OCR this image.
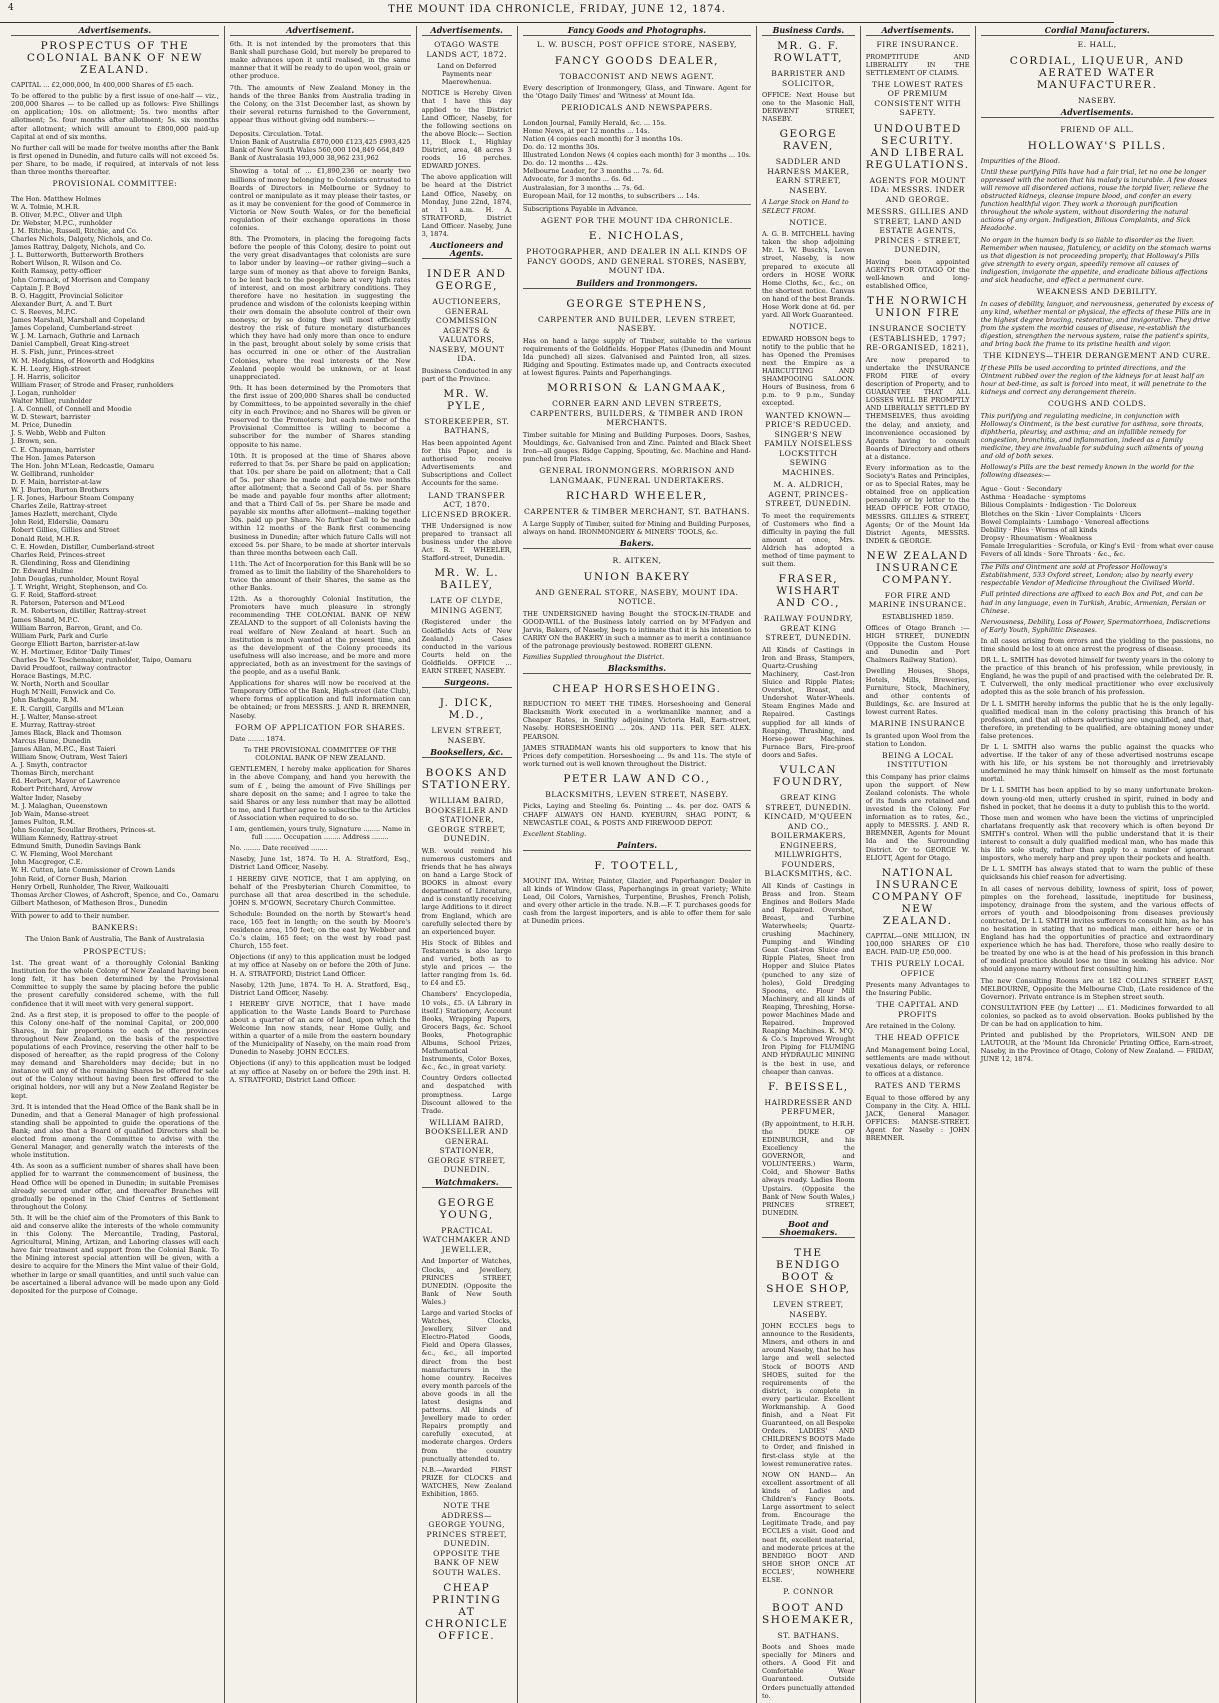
4	THE MOUNT IDA CHRONICLE, FRIDAY, JUNE 12, 1874.
Advertisements.
PROSPECTUS OF THE COLONIAL BANK OF NEW ZEALAND.
CAPITAL ... £2,000,000, In 400,000 Shares of £5 each.
To be offered to the public by a first issue of one-half — viz., 200,000 Shares — to be called up as follows: Five Shillings on application; 10s. on allotment; 5s. two months after allotment; 5s. four months after allotment; 5s. six months after allotment; which will amount to £800,000 paid-up Capital at end of six months.
No further call will be made for twelve months after the Bank is first opened in Dunedin, and future calls will not exceed 5s. per Share, to be made, if required, at intervals of not less than three months thereafter.
PROVISIONAL COMMITTEE:
The Hon. Matthew Holmes
W. A. Tolmie, M.H.R.
B. Oliver, M.P.C., Oliver and Ulph
Dr. Webster, M.P.C., runholder
J. M. Ritchie, Russell, Ritchie, and Co.
Charles Nichols, Dalgety, Nichols, and Co.
James Rattray, Dalgety, Nichols, and Co.
J. L. Butterworth, Butterworth Brothers
Robert Wilson, R. Wilson and Co.
Keith Ramsay, petty-officer
John Cormack, of Morrison and Company
Captain J. P. Boyd
B. O. Haggitt, Provincial Solicitor
Alexander Burt, A. and T. Burt
C. S. Reeves, M.P.C.
James Marshall, Marshall and Copeland
James Copeland, Cumberland-street
W. J. M. Larnach, Guthrie and Larnach
Daniel Campbell, Great King-street
H. S. Fish, junr., Princes-street
W. M. Hodgkins, of Howorth and Hodgkins
K. H. Leary, High-street
J. H. Harris, solicitor
William Fraser, of Strode and Fraser, runholders
J. Logan, runholder
Walter Miller, runholder
J. A. Connell, of Connell and Moodie
W. D. Stewart, barrister
M. Price, Dunedin
J. S. Webb, Webb and Fulton
J. Brown, sen.
C. E. Chapman, barrister
The Hon. James Paterson
The Hon. John M'Lean, Redcastle, Oamaru
W. Gellibrand, runholder
D. F. Main, barrister-at-law
W. J. Burton, Burton Brothers
J. R. Jones, Harbour Steam Company
Charles Zeile, Rattray-street
James Hazlett, merchant, Clyde
John Reid, Elderslie, Oamaru
Robert Gillies, Gillies and Street
Donald Reid, M.H.R.
C. E. Howden, Distiller, Cumberland-street
Charles Reid, Princes-street
R. Glendining, Ross and Glendining
Dr. Edward Hulme
John Douglas, runholder, Mount Royal
J. T. Wright, Wright, Stephenson, and Co.
G. F. Reid, Stafford-street
R. Paterson, Paterson and M'Leod
R. M. Robertson, distiller, Rattray-street
James Shand, M.P.C.
William Barron, Barron, Grant, and Co.
William Park, Park and Curle
George Elliott Barton, barrister-at-law
W. H. Mortimer, Editor 'Daily Times'
Charles De V. Teschemaker, runholder, Taipo, Oamaru
David Proudfoot, railway contractor
Horace Bastings, M.P.C.
W. North, North and Scoullar
Hugh M'Neill, Fenwick and Co.
John Bathgate, R.M.
E. R. Cargill, Cargills and M'Lean
H. J. Walter, Manse-street
E. Murray, Rattray-street
James Black, Black and Thomson
Marcus Hume, Dunedin
James Allan, M.P.C., East Taieri
William Snow, Outram, West Taieri
A. J. Smyth, contractor
Thomas Birch, merchant
Ed. Herbert, Mayor of Lawrence
Robert Pritchard, Arrow
Walter Inder, Naseby
M. J. Malaghan, Queenstown
Job Wain, Manse-street
James Fulton, R.M.
John Scoular, Scoullar Brothers, Princes-st.
William Kennedy, Rattray-street
Edmund Smith, Dunedin Savings Bank
C. W. Fleming, Wool Merchant
John Macgregor, C.E.
W. H. Cutten, late Commissioner of Crown Lands
John Reid, of Corner Bush, Marion
Henry Orbell, Runholder, The River, Waikouaiti
Thomas Archer Clowes, of Ashcroft, Spence, and Co., Oamaru
Gilbert Matheson, of Matheson Bros., Dunedin
With power to add to their number.
BANKERS:
The Union Bank of Australia, The Bank of Australasia
PROSPECTUS:
1st. The great want of a thoroughly Colonial Banking Institution for the whole Colony of New Zealand having been long felt, it has been determined by the Provisional Committee to supply the same by placing before the public the present carefully considered scheme, with the full confidence that it will meet with very general support.
2nd. As a first step, it is proposed to offer to the people of this Colony one-half of the nominal Capital, or 200,000 Shares, in fair proportions to each of the provinces throughout New Zealand, on the basis of the respective populations of each Province, reserving the other half to be disposed of hereafter, as the rapid progress of the Colony may demand and Shareholders may decide; but in no instance will any of the remaining Shares be offered for sale out of the Colony without having been first offered to the original holders, nor will any but a New Zealand Register be kept.
3rd. It is intended that the Head Office of the Bank shall be in Dunedin, and that a General Manager of high professional standing shall be appointed to guide the operations of the Bank; and also that a Board of qualified Directors shall be elected from among the Committee to advise with the General Manager, and generally watch the interests of the whole institution.
4th. As soon as a sufficient number of shares shall have been applied for to warrant the commencement of business, the Head Office will be opened in Dunedin; in suitable Premises already secured under offer, and thereafter Branches will gradually be opened in the Chief Centres of Settlement throughout the Colony.
5th. It will be the chief aim of the Promoters of this Bank to aid and conserve alike the interests of the whole community in this Colony. The Mercantile, Trading, Pastoral, Agricultural, Mining, Artizan, and Laboring classes will each have fair treatment and support from the Colonial Bank. To the Mining interest special attention will be given, with a desire to acquire for the Miners the Mint value of their Gold, whether in large or small quantities, and until such value can be ascertained a liberal advance will be made upon any Gold deposited for the purpose of Coinage.
Advertisement.
6th. It is not intended by the promoters that this Bank shall purchase Gold, but merely be prepared to make advances upon it until realised, in the same manner that it will be ready to do upon wool, grain or other produce.
7th. The amounts of New Zealand Money in the hands of the three Banks from Australia trading in the Colony, on the 31st December last, as shown by their several returns furnished to the Government, appear thus without giving odd numbers:—
Deposits. Circulation. Total.
Union Bank of Australia £870,000 £123,425 £993,425
Bank of New South Wales 560,000 104,849 664,849
Bank of Australasia 193,000 38,962 231,962
Showing a total of ... £1,890,236 or nearly two millions of money belonging to Colonists entrusted to Boards of Directors in Melbourne or Sydney to control or manipulate as it may please their tastes, or as it may be convenient for the good of Commerce in Victoria or New South Wales, or for the beneficial regulation of their exchange operations in those colonies.
8th. The Promoters, in placing the foregoing facts before the people of this Colony, desire to point out the very great disadvantages that colonists are sure to labor under by leaving—or rather giving—such a large sum of money as that above to foreign Banks, to be lent back to the people here at very high rates of interest, and on most arbitrary conditions. They therefore have no hesitation in suggesting the prudence and wisdom of the colonists keeping within their own domain the absolute control of their own moneys; or by so doing they will most efficiently destroy the risk of future monetary disturbances which they have had only more than once to endure in the past, brought about solely by some crisis that has occurred in one or other of the Australian Colonies, where the real interests of the New Zealand people would be unknown, or at least unappreciated.
9th. It has been determined by the Promoters that the first issue of 200,000 Shares shall be conducted by Committees, to be appointed severally in the chief city in each Province; and no Shares will be given or reserved to the Promoters; but each member of the Provisional Committee is willing to become a subscriber for the number of Shares standing opposite to his name.
10th. It is proposed at the time of Shares above referred to that 5s. per Share be paid on application; that 10s. per share be paid on allotment; that a Call of 5s. per share be made and payable two months after allotment; that a Second Call of 5s. per Share be made and payable four months after allotment; and that a Third Call of 5s. per Share be made and payable six months after allotment—making together 30s. paid up per Share. No further Call to be made within 12 months of the Bank first commencing business in Dunedin; after which future Calls will not exceed 5s. per Share, to be made at shorter intervals than three months between each Call.
11th. The Act of Incorporation for this Bank will be so framed as to limit the liability of the Shareholders to twice the amount of their Shares, the same as the other Banks.
12th. As a thoroughly Colonial Institution, the Promoters have much pleasure in strongly recommending THE COLONIAL BANK OF NEW ZEALAND to the support of all Colonists having the real welfare of New Zealand at heart. Such an institution is much wanted at the present time, and as the development of the Colony proceeds its usefulness will also increase, and be more and more appreciated, both as an investment for the savings of the people, and as a useful Bank.
Applications for shares will now be received at the Temporary Office of the Bank, High-street (late Club), where forms of application and full information can be obtained; or from MESSRS. J. AND R. BREMNER, Naseby.
FORM OF APPLICATION FOR SHARES.
Date ........ 1874.
To THE PROVISIONAL COMMITTEE OF THE COLONIAL BANK OF NEW ZEALAND.
GENTLEMEN, I hereby make application for Shares in the above Company, and hand you herewith the sum of £ , being the amount of Five Shillings per share deposit on the same; and I agree to take the said Shares or any less number that may be allotted to me, and I further agree to subscribe to the Articles of Association when required to do so.
I am, gentlemen, yours truly, Signature ........ Name in full ........ Occupation ........ Address ........
No. ........ Date received ........
Naseby, June 1st, 1874. To H. A. Stratford, Esq., District Land Officer, Naseby.
I HEREBY GIVE NOTICE, that I am applying, on behalf of the Presbyterian Church Committee, to purchase all that area described in the schedule. JOHN S. M'GOWN, Secretary Church Committee.
Schedule: Bounded on the north by Stewart's head race, 165 feet in length; on the south by Moore's residence area, 150 feet; on the east by Webber and Co.'s claim, 165 feet; on the west by road past Church, 155 feet.
Objections (if any) to this application must be lodged at my office at Naseby on or before the 20th of June. H. A. STRATFORD, District Land Officer.
Naseby, 12th June, 1874. To H. A. Stratford, Esq., District Land Officer, Naseby.
I HEREBY GIVE NOTICE, that I have made application to the Waste Lands Board to Purchase about a quarter of an acre of land, upon which the Welcome Inn now stands, near Home Gully, and within a quarter of a mile from the eastern boundary of the Municipality of Naseby, on the main road from Dunedin to Naseby. JOHN ECCLES.
Objections (if any) to this application must be lodged at my office at Naseby on or before the 29th inst. H. A. STRATFORD, District Land Officer.
Advertisements.
OTAGO WASTE LANDS ACT, 1872.
Land on Deferred Payments near Maerewhenua.
NOTICE is Hereby Given that I have this day applied to the District Land Officer, Naseby, for the following sections on the above Block:— Section 11, Block I., Highlay District, area, 48 acres 3 roods 16 perches. EDWARD JONES.
The above application will be heard at the District Land Office, Naseby, on Monday, June 22nd, 1874, at 11 a.m. H. A. STRATFORD, District Land Officer. Naseby, June 3, 1874.
Auctioneers and Agents.
INDER AND GEORGE,
AUCTIONEERS, GENERAL COMMISSION AGENTS & VALUATORS, NASEBY, MOUNT IDA.
Business Conducted in any part of the Province.
MR. W. PYLE,
STOREKEEPER, ST. BATHANS,
Has been appointed Agent for this Paper, and is authorised to receive Advertisements and Subscriptions and Collect Accounts for the same.
LAND TRANSFER ACT, 1870. LICENSED BROKER.
THE Undersigned is now prepared to transact all business under the above Act. R. T. WHEELER, Stafford-street, Dunedin.
MR. W. L. BAILEY,
LATE OF CLYDE, MINING AGENT,
(Registered under the Goldfields Acts of New Zealand.) Cases conducted in the various Courts held on the Goldfields. OFFICE ... EARN STREET, NASEBY.
Surgeons.
J. DICK, M.D.,
LEVEN STREET, NASEBY.
Booksellers, &c.
BOOKS AND STATIONERY.
WILLIAM BAIRD, BOOKSELLER AND STATIONER, GEORGE STREET, DUNEDIN.
W.B. would remind his numerous customers and friends that he has always on hand a Large Stock of BOOKS in almost every department of Literature, and is constantly receiving large Additions to it direct from England, which are carefully selected there by an experienced buyer.
His Stock of Bibles and Testaments is also large and varied, both as to style and prices — the latter ranging from 1s. 6d. to £4 and £5.
Chambers' Encyclopedia, 10 vols., £5. (A Library in itself.) Stationery, Account Books, Wrapping Papers, Grocers Bags, &c. School Books, Photographic Albums, School Prizes, Mathematical Instruments, Color Boxes, &c., &c., in great variety.
Country Orders collected and despatched with promptness. Large Discount allowed to the Trade.
WILLIAM BAIRD, BOOKSELLER AND GENERAL STATIONER, GEORGE STREET, DUNEDIN.
Watchmakers.
GEORGE YOUNG,
PRACTICAL WATCHMAKER AND JEWELLER,
And Importer of Watches, Clocks, and Jewellery, PRINCES STREET, DUNEDIN. (Opposite the Bank of New South Wales.)
Large and varied Stocks of Watches, Clocks, Jewellery, Silver and Electro-Plated Goods, Field and Opera Glasses, &c., &c., all imported direct from the best manufacturers in the home country. Receives every month parcels of the above goods in all the latest designs and patterns. All kinds of Jewellery made to order. Repairs promptly and carefully executed, at moderate charges. Orders from the country punctually attended to.
N.B.—Awarded FIRST PRIZE for CLOCKS and WATCHES, New Zealand Exhibition, 1865.
NOTE THE ADDRESS— GEORGE YOUNG, PRINCES STREET, DUNEDIN. OPPOSITE THE BANK OF NEW SOUTH WALES.
CHEAP PRINTING AT CHRONICLE OFFICE.
Fancy Goods and Photographs.
L. W. BUSCH, POST OFFICE STORE, NASEBY,
FANCY GOODS DEALER,
TOBACCONIST AND NEWS AGENT.
Every description of Ironmongery, Glass, and Tinware. Agent for the 'Otago Daily Times' and 'Witness' at Mount Ida.
PERIODICALS AND NEWSPAPERS.
London Journal, Family Herald, &c. ... 15s.
Home News, at per 12 months ... 14s.
Nation (4 copies each month) for 3 months 10s.
Do. do. 12 months 30s.
Illustrated London News (4 copies each month) for 3 months ... 10s.
Do. do. 12 months ... 42s.
Melbourne Leader, for 3 months ... 7s. 6d.
Advocate, for 3 months ... 6s. 6d.
Australasian, for 3 months ... 7s. 6d.
European Mail, for 12 months, to subscribers ... 14s.
Subscriptions Payable in Advance.
AGENT FOR THE MOUNT IDA CHRONICLE.
E. NICHOLAS,
PHOTOGRAPHER, AND DEALER IN ALL KINDS OF FANCY GOODS, AND GENERAL STORES, NASEBY, MOUNT IDA.
Builders and Ironmongers.
GEORGE STEPHENS,
CARPENTER AND BUILDER, LEVEN STREET, NASEBY.
Has on hand a large supply of Timber, suitable to the various requirements of the Goldfields. Hopper Plates (Dunedin and Mount Ida punched) all sizes. Galvanised and Painted Iron, all sizes. Ridging and Spouting. Estimates made up, and Contracts executed at lowest figures. Paints and Paperhangings.
MORRISON & LANGMAAK,
CORNER EARN AND LEVEN STREETS, CARPENTERS, BUILDERS, & TIMBER AND IRON MERCHANTS.
Timber suitable for Mining and Building Purposes. Doors, Sashes, Mouldings, &c. Galvanised Iron and Zinc. Painted and Black Sheet Iron—all gauges. Ridge Capping, Spouting, &c. Machine and Hand-punched Iron Plates.
GENERAL IRONMONGERS. MORRISON AND LANGMAAK, FUNERAL UNDERTAKERS.
RICHARD WHEELER,
CARPENTER & TIMBER MERCHANT, ST. BATHANS.
A Large Supply of Timber, suited for Mining and Building Purposes, always on hand. IRONMONGERY & MINERS' TOOLS, &c.
Bakers.
R. AITKEN,
UNION BAKERY
AND GENERAL STORE, NASEBY, MOUNT IDA. NOTICE.
THE UNDERSIGNED having Bought the STOCK-IN-TRADE and GOOD-WILL of the Business lately carried on by M'Fadyen and Jarvis, Bakers, of Naseby, begs to intimate that it is his intention to CARRY ON the BAKERY in such a manner as to merit a continuance of the patronage previously bestowed. ROBERT GLENN.
Families Supplied throughout the District.
Blacksmiths.
CHEAP HORSESHOEING.
REDUCTION TO MEET THE TIMES. Horseshoeing and General Blacksmith Work executed in a workmanlike manner, and a Cheaper Rates, in Smithy adjoining Victoria Hall, Earn-street, Naseby. HORSESHOEING ... 20s. AND 11s. PER SET. ALEX. PEARSON.
JAMES STRADMAN wants his old supporters to know that his Prices defy competition. Horseshoeing ... 9s and 11s. The style of work turned out is well known throughout the District.
PETER LAW AND CO.,
BLACKSMITHS, LEVEN STREET, NASEBY.
Picks, Laying and Steeling 6s. Pointing ... 4s. per doz. OATS & CHAFF ALWAYS ON HAND. KYEBURN, SHAG POINT, & NEWCASTLE COAL, & POSTS AND FIREWOOD DEPOT.
Excellent Stabling.
Painters.
F. TOOTELL,
MOUNT IDA. Writer, Painter, Glazier, and Paperhanger. Dealer in all kinds of Window Glass, Paperhangings in great variety; White Lead, Oil Colors, Varnishes, Turpentine, Brushes, French Polish, and every other article in the trade. N.B.—F. T. purchases goods for cash from the largest importers, and is able to offer them for sale at Dunedin prices.
Business Cards.
MR. G. F. ROWLATT,
BARRISTER AND SOLICITOR,
OFFICE: Next House but one to the Masonic Hall, DERWENT STREET, NASEBY.
GEORGE RAVEN,
SADDLER AND HARNESS MAKER, EARN STREET, NASEBY.
A Large Stock on Hand to SELECT FROM.
NOTICE.
A. G. B. MITCHELL having taken the shop adjoining Mr. L. W. Busch's, Leven street, Naseby, is now prepared to execute all orders in HOSE WORK Home Cloths, &c., &c., on the shortest notice. Canvas on hand of the best Brands. Hose Work done at 6d. per yard. All Work Guaranteed.
NOTICE.
EDWARD HOBSON begs to notify to the public that he has Opened the Premises next the Empire as a HAIRCUTTING AND SHAMPOOING SALOON. Hours of Business, from 6 p.m. to 9 p.m., Sunday excepted.
WANTED KNOWN— PRICE'S REDUCED. SINGER'S NEW FAMILY NOISELESS LOCKSTITCH SEWING MACHINES.
M. A. ALDRICH, AGENT, PRINCES-STREET, DUNEDIN.
To meet the requirements of Customers who find a difficulty in paying the full amount at once, Mrs. Aldrich has adopted a method of time payment to suit them.
FRASER, WISHART AND CO.,
RAILWAY FOUNDRY, GREAT KING STREET, DUNEDIN.
All Kinds of Castings in Iron and Brass, Stampers, Quartz-Crushing Machinery, Cast-Iron Sluice and Ripple Plates; Overshot, Breast, and Undershot Water-Wheels. Steam Engines Made and Repaired. Castings supplied for all kinds of Reaping, Thrashing, and Horse-power Machines. Furnace Bars, Fire-proof doors and Safes.
VULCAN FOUNDRY,
GREAT KING STREET, DUNEDIN. KINCAID, M'QUEEN AND CO., BOILERMAKERS, ENGINEERS, MILLWRIGHTS, FOUNDERS, BLACKSMITHS, &C.
All Kinds of Castings in Brass and Iron. Steam Engines and Boilers Made and Repaired. Overshot, Breast, and Turbine Waterwheels; Quartz-crushing Machinery, Pumping and Winding Gear. Cast-iron Sluice and Ripple Plates, Sheet Iron Hopper and Sluice Plates (punched to any size of holes), Gold Dredging Spoons, etc. Flour Mill Machinery, and all kinds of Reaping, Threshing, Horse-power Machines Made and Repaired. Improved Reaping Machines. K. M'Q. & Co.'s Improved Wrought Iron Piping for FLUMING AND HYDRAULIC MINING is the best in use, and cheaper than canvas.
F. BEISSEL,
HAIRDRESSER AND PERFUMER,
(By appointment, to H.R.H. the DUKE OF EDINBURGH, and his Excellency the GOVERNOR, and VOLUNTEERS.) Warm, Cold, and Shower Baths always ready. Ladies Room Upstairs. (Opposite the Bank of New South Wales,) PRINCES STREET, DUNEDIN.
Boot and Shoemakers.
THE BENDIGO BOOT & SHOE SHOP,
LEVEN STREET, NASEBY.
JOHN ECCLES begs to announce to the Residents, Miners, and others in and around Naseby, that he has large and well selected Stock of BOOTS AND SHOES, suited for the requirements of the district, is complete in every particular. Excellent Workmanship. A Good finish, and a Neat Fit Guaranteed, on all Bespoke Orders. LADIES' AND CHILDREN'S BOOTS Made to Order, and finished in first-class style at the lowest remunerative rates.
NOW ON HAND— An excellent assortment of all kinds of Ladies and Children's Fancy Boots. Large assortment to select from. Encourage the Legitimate Trade, and pay ECCLES a visit. Good and neat fit, excellent material, and moderate prices at the BENDIGO BOOT AND SHOE SHOP. ONCE AT ECCLES', NOWHERE ELSE.
P. CONNOR
BOOT AND SHOEMAKER,
ST. BATHANS.
Boots and Shoes made specially for Miners and others. A Good Fit and Comfortable Wear Guaranteed. Outside Orders punctually attended to.
Advertisements.
FIRE INSURANCE.
PROMPTITUDE AND LIBERALITY IN THE SETTLEMENT OF CLAIMS.
THE LOWEST RATES OF PREMIUM CONSISTENT WITH SAFETY.
UNDOUBTED SECURITY. AND LIBERAL REGULATIONS.
AGENTS FOR MOUNT IDA: MESSRS. INDER AND GEORGE.
MESSRS. GILLIES AND STREET, LAND AND ESTATE AGENTS, PRINCES - STREET, DUNEDIN,
Having been appointed AGENTS FOR OTAGO Of the well-known and long-established Office,
THE NORWICH UNION FIRE
INSURANCE SOCIETY (ESTABLISHED, 1797; RE-ORGANISED, 1821),
Are now prepared to undertake the INSURANCE FROM FIRE of every description of Property, and to GUARANTEE THAT ALL LOSSES WILL BE PROMPTLY AND LIBERALLY SETTLED BY THEMSELVES, thus avoiding the delay, and anxiety, and inconvenience occasioned by Agents having to consult Boards of Directory and others at a distance.
Every information as to the Society's Rates and Principles, or as to Special Rates, may be obtained free on application personally or by letter to the HEAD OFFICE FOR OTAGO, MESSRS. GILLIES & STREET, Agents; Or of the Mount Ida District Agents, MESSRS. INDER & GEORGE.
NEW ZEALAND INSURANCE COMPANY.
FOR FIRE AND MARINE INSURANCE.
ESTABLISHED 1859.
Offices of Otago Branch :— HIGH STREET, DUNEDIN (Opposite the Custom House and Dunedin and Port Chalmers Railway Station).
Dwelling Houses, Shops, Hotels, Mills, Breweries, Furniture, Stock, Machinery, and other contents of Buildings, &c. are Insured at lowest current Rates.
MARINE INSURANCE
Is granted upon Wool from the station to London.
BEING A LOCAL INSTITUTION
this Company has prior claims upon the support of New Zealand colonists. The whole of its funds are retained and invested in the Colony. For information as to rates, &c., apply to MESSRS. J. AND R. BREMNER, Agents for Mount Ida and the Surrounding District. Or to GEORGE W. ELIOTT, Agent for Otago.
NATIONAL INSURANCE COMPANY OF NEW ZEALAND.
CAPITAL—ONE MILLION, IN 100,000 SHARES OF £10 EACH. PAID-UP, £50,000.
THIS PURELY LOCAL OFFICE
Presents many Advantages to the Insuring Public.
THE CAPITAL AND PROFITS
Are retained in the Colony.
THE HEAD OFFICE
And Management being Local, settlements are made without vexatious delays, or reference to offices at a distance.
RATES AND TERMS
Equal to those offered by any Company in the City. A. HILL JACK, General Manager. OFFICES: MANSE-STREET. Agent for Naseby : JOHN BREMNER.
Cordial Manufacturers.
E. HALL,
CORDIAL, LIQUEUR, AND AERATED WATER MANUFACTURER.
NASEBY.
Advertisements.
FRIEND OF ALL.
HOLLOWAY'S PILLS.
Impurities of the Blood.
Until these purifying Pills have had a fair trial, let no one be longer oppressed with the notion that his malady is incurable. A few doses will remove all disordered actions, rouse the torpid liver, relieve the obstructed kidneys, cleanse impure blood, and confer an every function healthful vigor. They work a thorough purification throughout the whole system, without disordering the natural actions of any organ. Indigestion, Bilious Complaints, and Sick Headache.
No organ in the human body is so liable to disorder as the liver. Remember when nausea, flatulency, or acidity on the stomach warns us that digestion is not proceeding properly, that Holloway's Pills give strength to every organ, speedily remove all causes of indigestion, invigorate the appetite, and eradicate bilious affections and sick headache, and effect a permanent cure.
WEAKNESS AND DEBILITY.
In cases of debility, languor, and nervousness, generated by excess of any kind, whether mental or physical, the effects of these Pills are in the highest degree bracing, restorative, and invigorative. They drive from the system the morbid causes of disease, re-establish the digestion, strengthen the nervous system, raise the patient's spirits, and bring back the frame to its pristine health and vigor.
THE KIDNEYS—THEIR DERANGEMENT AND CURE.
If these Pills be used according to printed directions, and the Ointment rubbed over the region of the kidneys for at least half an hour at bed-time, as salt is forced into meat, it will penetrate to the kidneys and correct any derangement therein.
COUGHS AND COLDS.
This purifying and regulating medicine, in conjunction with Holloway's Ointment, is the best curative for asthma, sore throats, diphtheria, pleurisy, and asthma; and an infallible remedy for congestion, bronchitis, and inflammation, indeed as a family medicine, they are invaluable for subduing such ailments of young and old of both sexes.
Holloway's Pills are the best remedy known in the world for the following diseases:—
Ague · Gout · Secondary
Asthma · Headache · symptoms
Bilious Complaints · Indigestion · Tic Doloreux
Blotches on the Skin · Liver Complaints · Ulcers
Bowel Complaints · Lumbago · Venereal affections
Debility · Piles · Worms of all kinds
Dropsy · Rheumatism · Weakness
Female Irregularities · Scrofula, or King's Evil · from what ever cause
Fevers of all kinds · Sore Throats · &c., &c.
The Pills and Ointment are sold at Professor Holloway's Establishment, 533 Oxford street, London; also by nearly every respectable Vendor of Medicine throughout the Civilised World.
Full printed directions are affixed to each Box and Pot, and can be had in any language, even in Turkish, Arabic, Armenian, Persian or Chinese.
Nervousness, Debility, Loss of Power, Spermatorrhoea, Indiscretions of Early Youth, Syphilitic Diseases.
In all cases arising from errors and the yielding to the passions, no time should be lost to at once arrest the progress of disease.
DR L. L. SMITH has devoted himself for twenty years in the colony to the practice of this branch of his profession, while previously, in England, he was the pupil of and practised with the celebrated Dr. R. T. Culverwell, the only medical practitioner who ever exclusively adopted this as the sole branch of his profession.
Dr L L SMITH hereby informs the public that he is the only legally-qualified medical man in the colony practising this branch of his profession, and that all others advertising are unqualified, and that, therefore, in pretending to be qualified, are obtaining money under false pretences.
Dr L L SMITH also warns the public against the quacks who advertise. If the taker of any of these advertised nostrums escape with his life, or his system be not thoroughly and irretrievably undermined he may think himself on himself as the most fortunate mortal.
Dr L L SMITH has been applied to by so many unfortunate broken-down young-old men, utterly crushed in spirit, ruined in body and fished in pocket, that he deems it a duty to publish this to the world.
Those men and women who have been the victims of unprincipled charlatans frequently ask that recovery which is often beyond Dr SMITH's control. When will the public understand that it is their interest to consult a duly qualified medical man, who has made this his life sole study, rather than apply to a number of ignorant impostors, who merely harp and prey upon their pockets and health.
Dr L L SMITH has always stated that to warn the public of these quicksands his chief reason for advertising.
In all cases of nervous debility, lowness of spirit, loss of power, pimples on the forehead, lassitude, ineptitude for business, impotency, drainage from the system, and the various effects of errors of youth and bloodpoisoning from diseases previously contracted, Dr L L SMITH invites sufferers to consult him, as he has no hesitation in stating that no medical man, either here or in England has had the opportunities of practice and extraordinary experience which he has had. Therefore, those who really desire to be treated by one who is at the head of his profession in this branch of medical practice should lose no time in seeking his advice. Nor should anyone marry without first consulting him.
The new Consulting Rooms are at 182 COLLINS STREET EAST, MELBOURNE, Opposite the Melbourne Club, (Late residence of the Governor). Private entrance is in Stephen street south.
CONSULTATION FEE (by Letter) ... £1. Medicines forwarded to all colonies, so packed as to avoid observation. Books published by the Dr can be had on application to him.
Printed and published by the Proprietors, WILSON AND DE LAUTOUR, at the 'Mount Ida Chronicle' Printing Office, Earn-street, Naseby, in the Province of Otago, Colony of New Zealand. — FRIDAY, JUNE 12, 1874.
